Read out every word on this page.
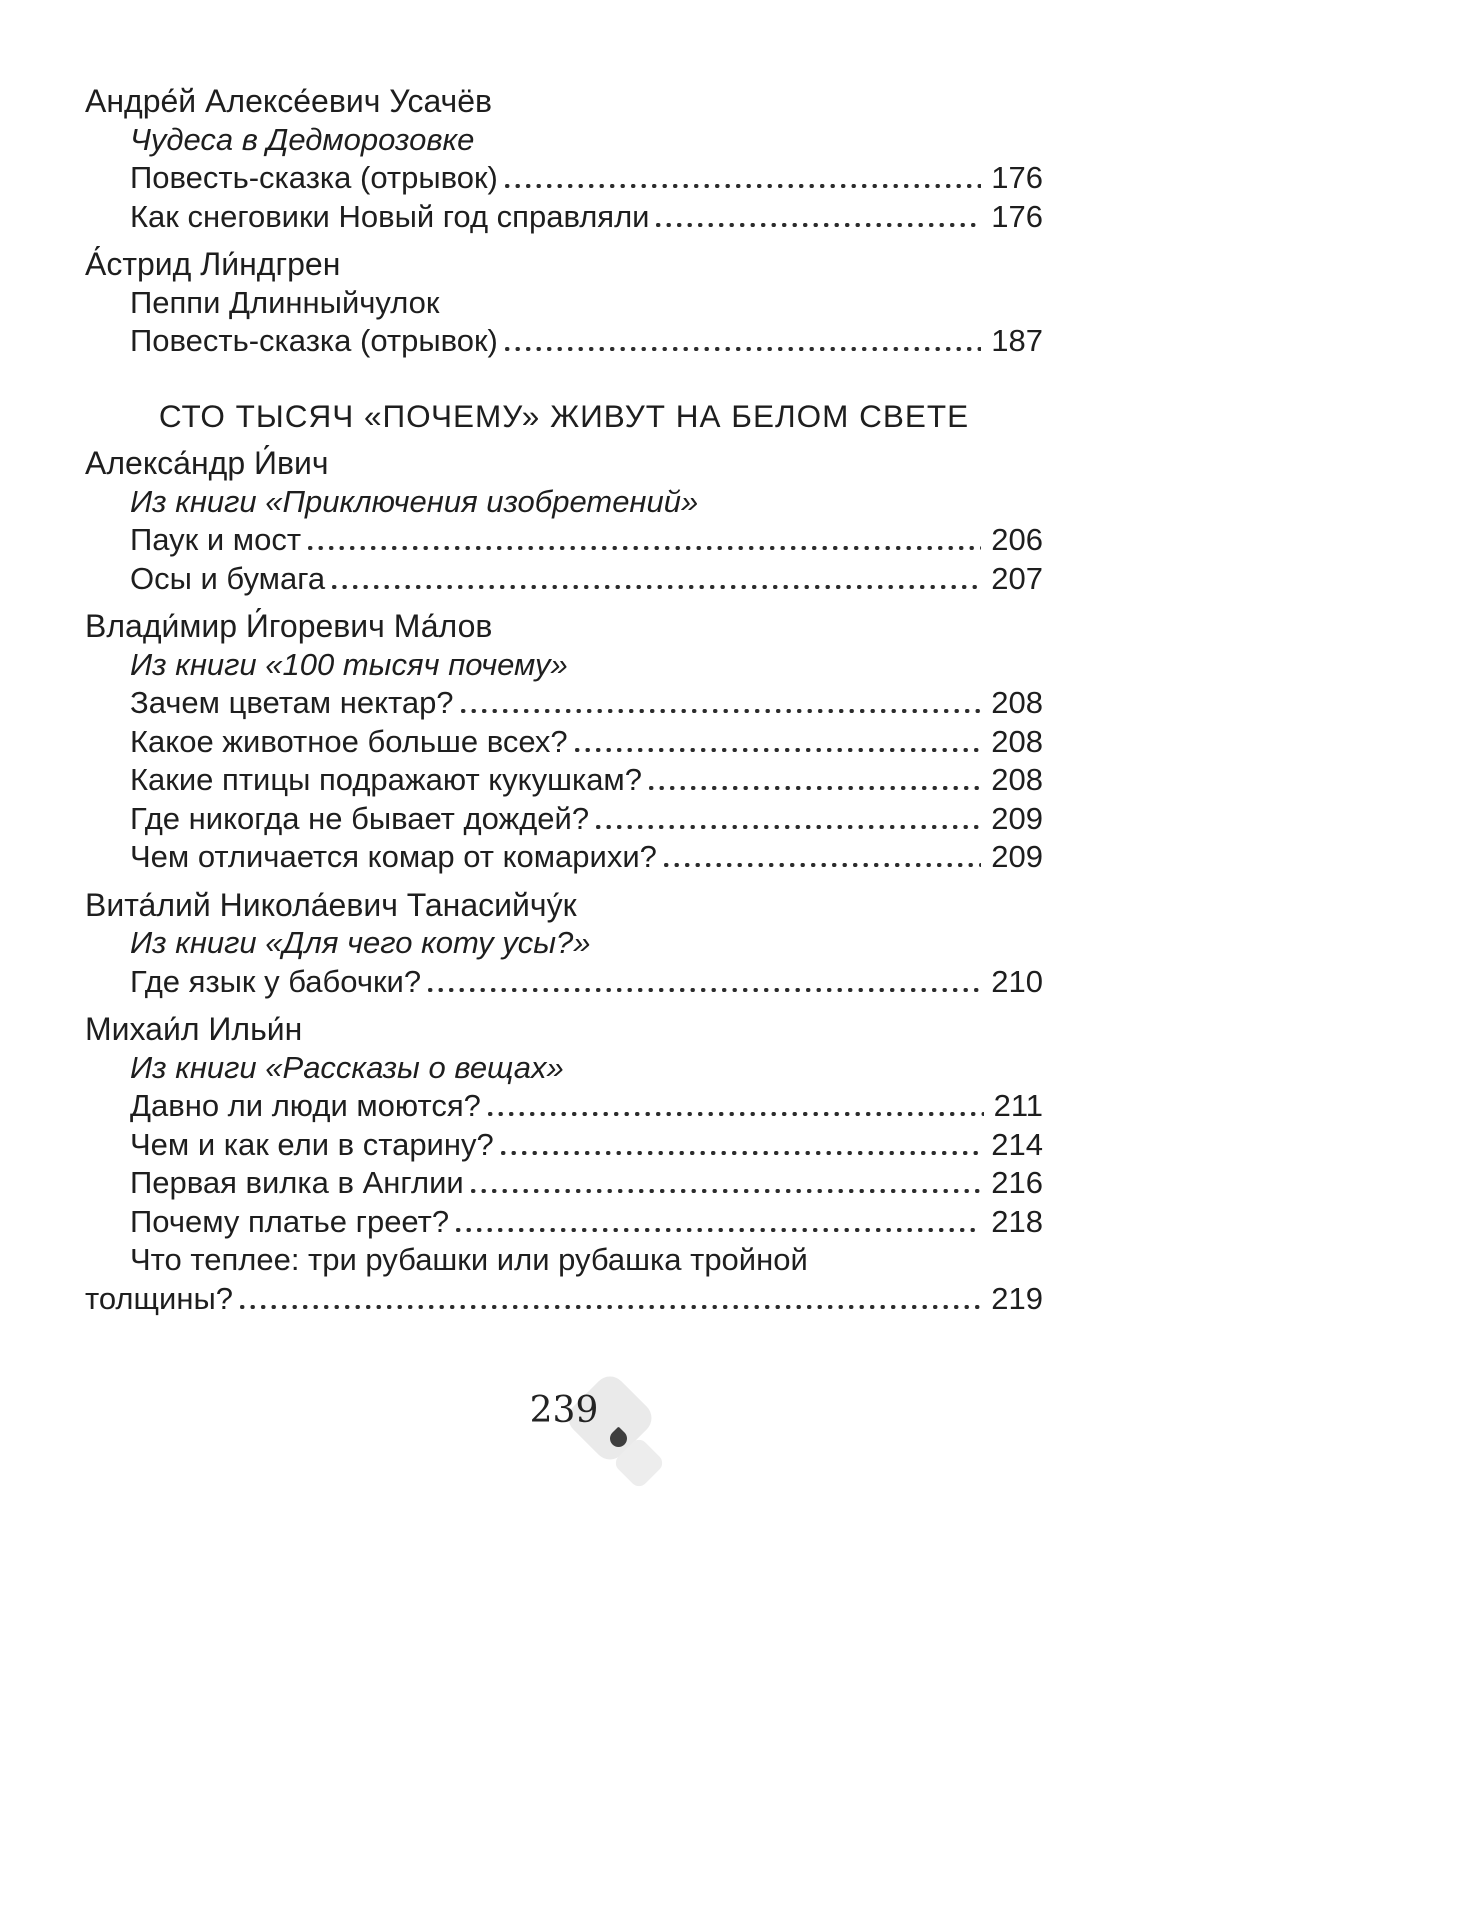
Андре́й Алексе́евич Усачёв
Чудеса в Дедморозовке
Повесть-сказка (отрывок)	176
Как снеговики Новый год справляли	176
А́стрид Ли́ндгрен
Пеппи Длинныйчулок
Повесть-сказка (отрывок)	187
СТО ТЫСЯЧ «ПОЧЕМУ» ЖИВУТ НА БЕЛОМ СВЕТЕ
Алекса́ндр И́вич
Из книги «Приключения изобретений»
Паук и мост	206
Осы и бумага	207
Влади́мир И́горевич Ма́лов
Из книги «100 тысяч почему»
Зачем цветам нектар?	208
Какое животное больше всех?	208
Какие птицы подражают кукушкам?	208
Где никогда не бывает дождей?	209
Чем отличается комар от комарихи?	209
Вита́лий Никола́евич Танасийчу́к
Из книги «Для чего коту усы?»
Где язык у бабочки?	210
Михаи́л Ильи́н
Из книги «Рассказы о вещах»
Давно ли люди моются?	211
Чем и как ели в старину?	214
Первая вилка в Англии	216
Почему платье греет?	218
Что теплее: три рубашки или рубашка тройной
толщины?	219
239
